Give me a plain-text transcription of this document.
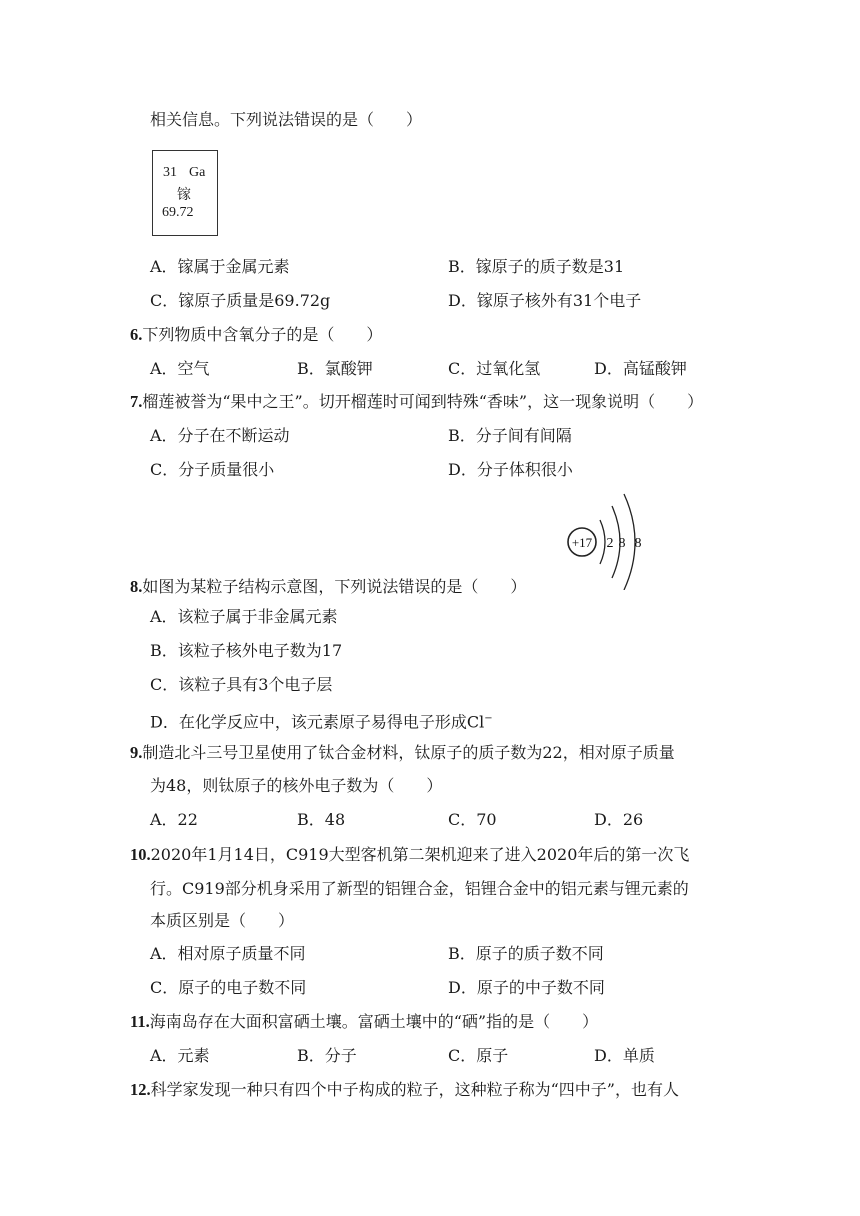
相关信息。下列说法错误的是（　　）
31 Ga
镓
69.72
A．镓属于金属元素	B．镓原子的质子数是31
C．镓原子质量是69.72g	D．镓原子核外有31个电子
6.下列物质中含氧分子的是（　　）
A．空气	B．氯酸钾	C．过氧化氢	D．高锰酸钾
7.榴莲被誉为“果中之王”。切开榴莲时可闻到特殊“香味”，这一现象说明（　　）
A．分子在不断运动	B．分子间有间隔
C．分子质量很小	D．分子体积很小
+17 2 8 8
8.如图为某粒子结构示意图，下列说法错误的是（　　）
A．该粒子属于非金属元素
B．该粒子核外电子数为17
C．该粒子具有3个电子层
D．在化学反应中，该元素原子易得电子形成Cl−
9.制造北斗三号卫星使用了钛合金材料，钛原子的质子数为22，相对原子质量
为48，则钛原子的核外电子数为（　　）
A．22	B．48	C．70	D．26
10.2020年1月14日，C919大型客机第二架机迎来了进入2020年后的第一次飞
行。C919部分机身采用了新型的铝锂合金，铝锂合金中的铝元素与锂元素的
本质区别是（　　）
A．相对原子质量不同	B．原子的质子数不同
C．原子的电子数不同	D．原子的中子数不同
11.海南岛存在大面积富硒土壤。富硒土壤中的“硒”指的是（　　）
A．元素	B．分子	C．原子	D．单质
12.科学家发现一种只有四个中子构成的粒子，这种粒子称为“四中子”，也有人
